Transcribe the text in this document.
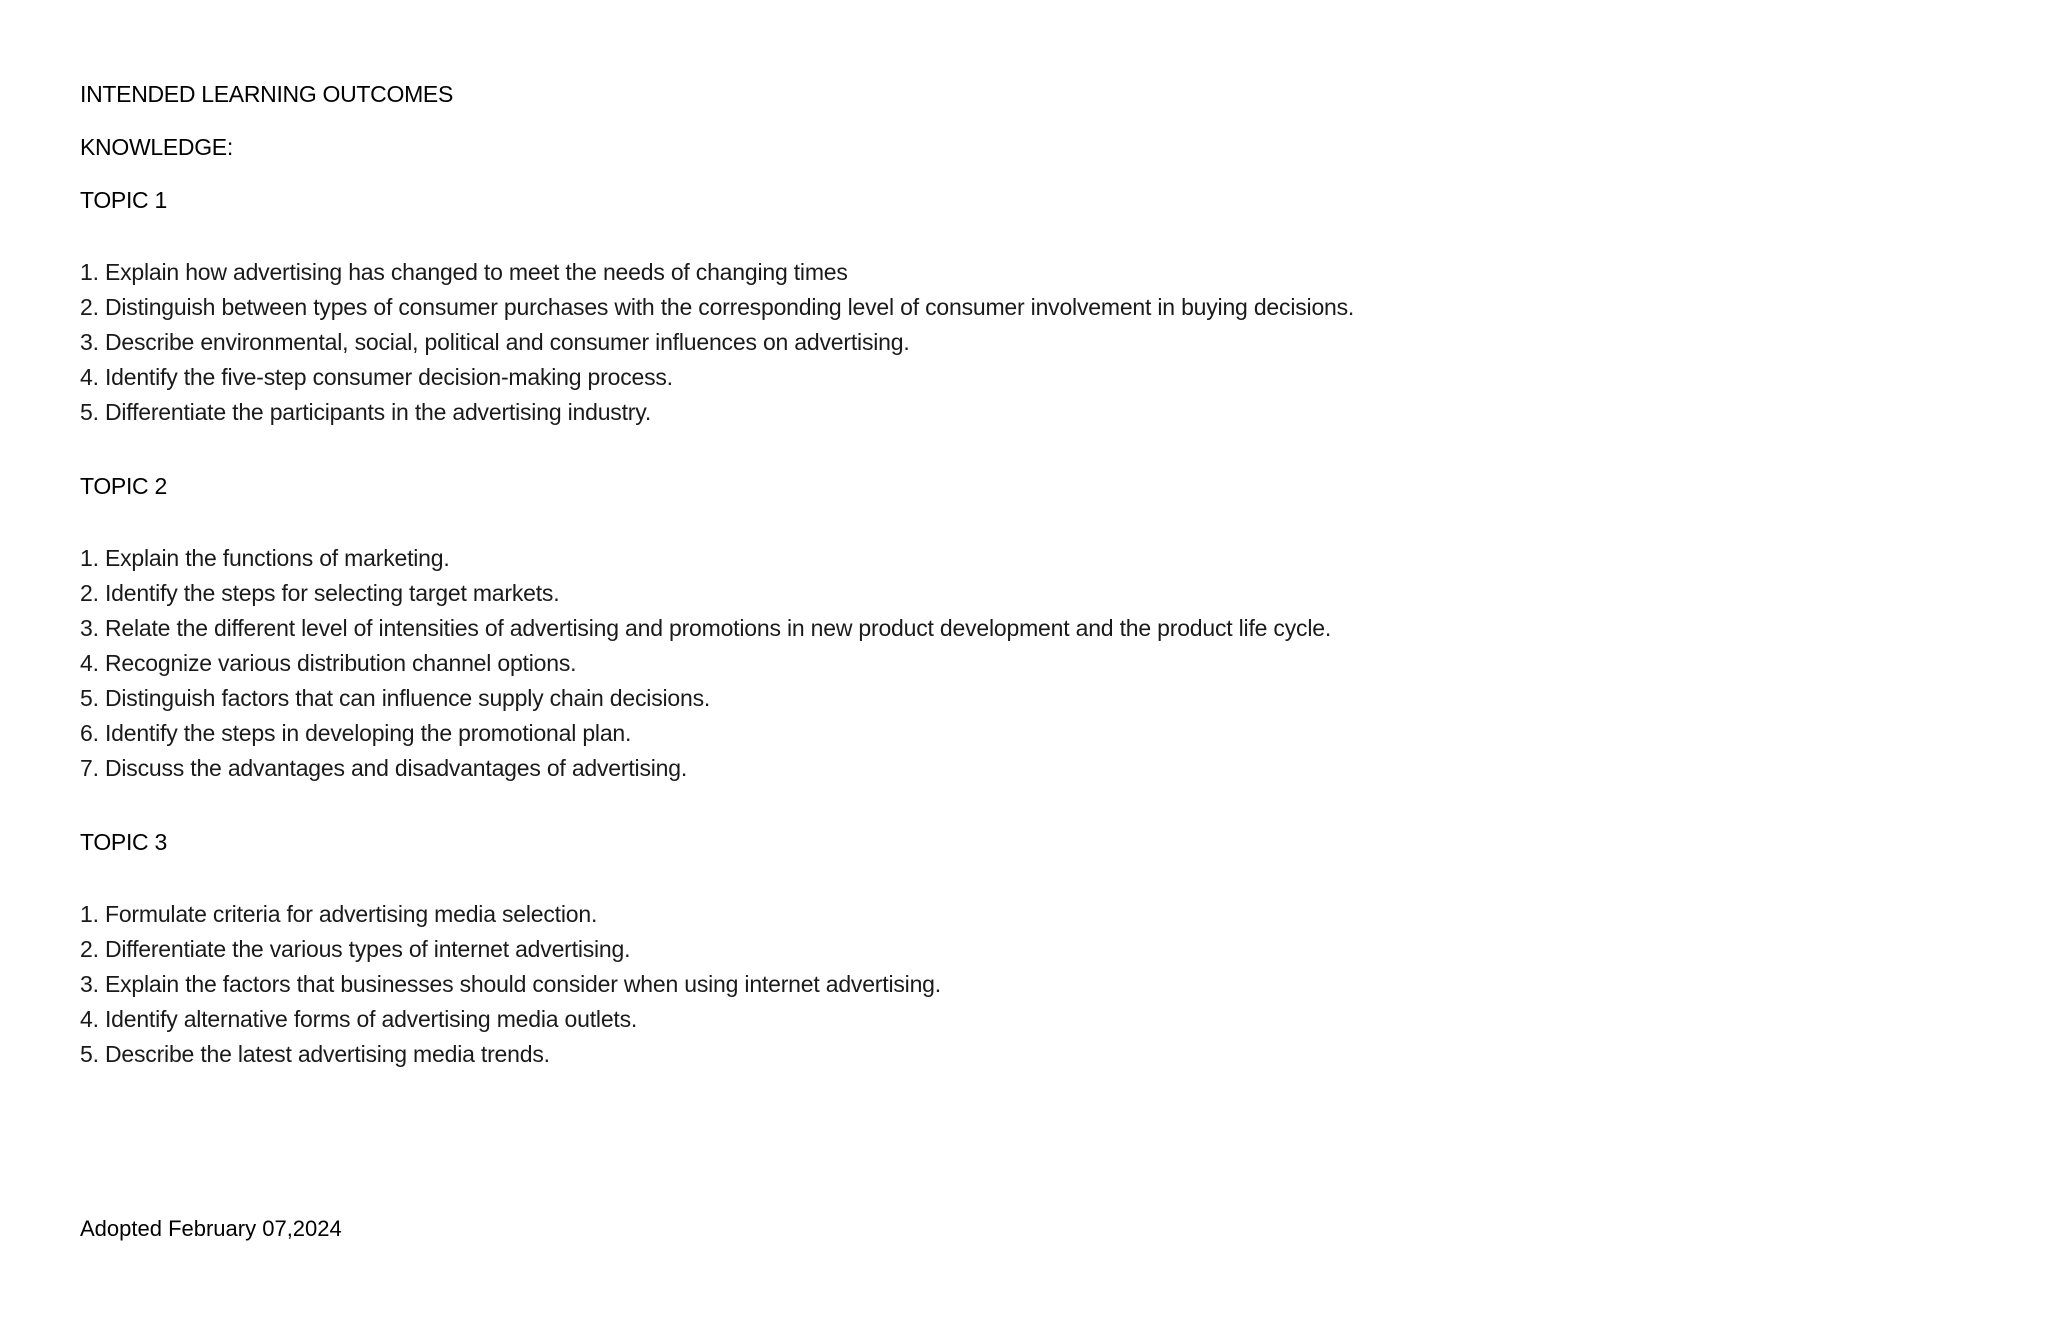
INTENDED LEARNING OUTCOMES

KNOWLEDGE:

TOPIC 1

1. Explain how advertising has changed to meet the needs of changing times
2. Distinguish between types of consumer purchases with the corresponding level of consumer involvement in buying decisions.
3. Describe environmental, social, political and consumer influences on advertising.
4. Identify the five-step consumer decision-making process.
5. Differentiate the participants in the advertising industry.

TOPIC 2

1. Explain the functions of marketing.
2. Identify the steps for selecting target markets.
3. Relate the different level of intensities of advertising and promotions in new product development and the product life cycle.
4. Recognize various distribution channel options.
5. Distinguish factors that can influence supply chain decisions.
6. Identify the steps in developing the promotional plan.
7. Discuss the advantages and disadvantages of advertising.

TOPIC 3

1. Formulate criteria for advertising media selection.
2. Differentiate the various types of internet advertising.
3. Explain the factors that businesses should consider when using internet advertising.
4. Identify alternative forms of advertising media outlets.
5. Describe the latest advertising media trends.
Adopted February 07,2024
